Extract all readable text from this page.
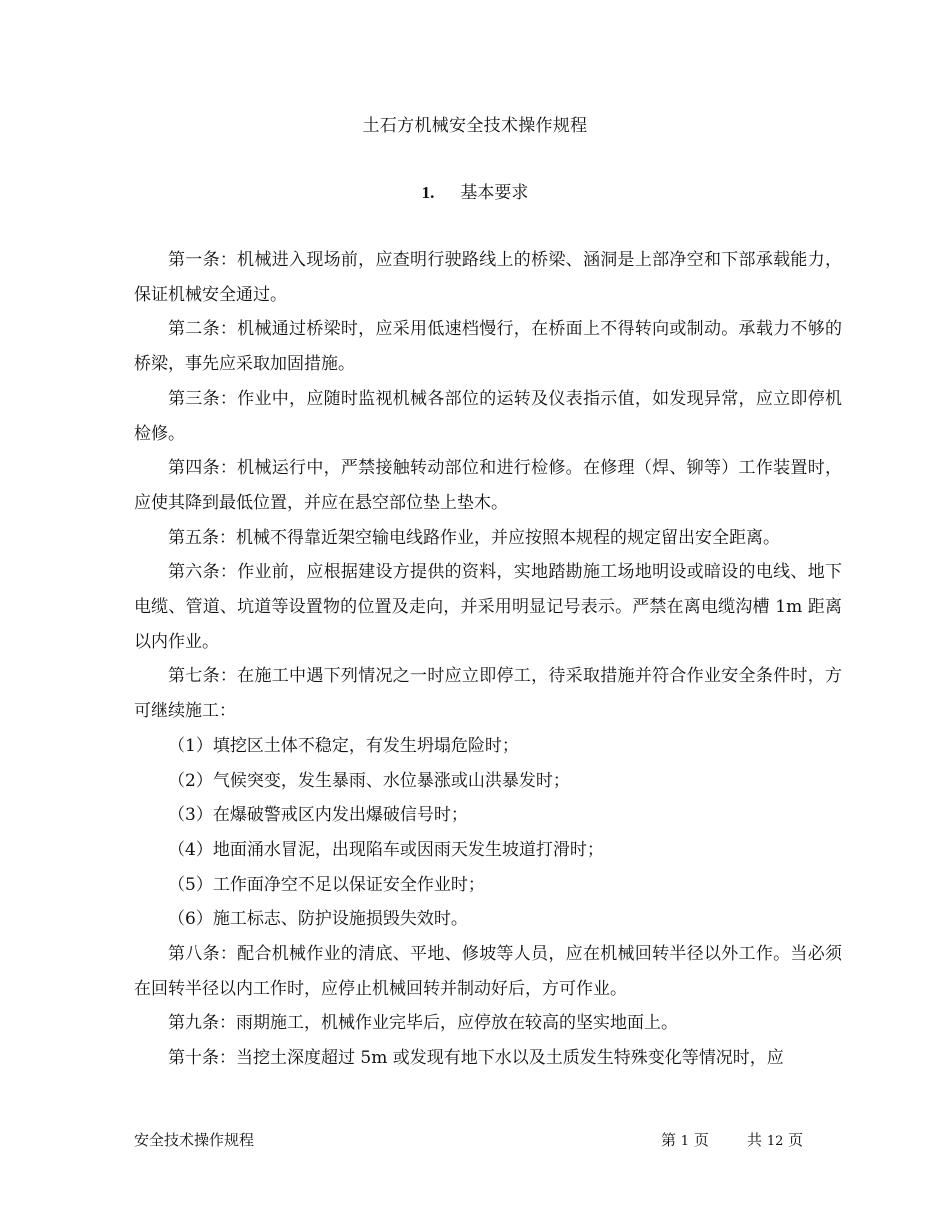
土石方机械安全技术操作规程
1. 基本要求

第一条：机械进入现场前，应查明行驶路线上的桥梁、涵洞是上部净空和下部承载能力，保证机械安全通过。

第二条：机械通过桥梁时，应采用低速档慢行，在桥面上不得转向或制动。承载力不够的桥梁，事先应采取加固措施。

第三条：作业中，应随时监视机械各部位的运转及仪表指示值，如发现异常，应立即停机检修。

第四条：机械运行中，严禁接触转动部位和进行检修。在修理（焊、铆等）工作装置时，应使其降到最低位置，并应在悬空部位垫上垫木。

第五条：机械不得靠近架空输电线路作业，并应按照本规程的规定留出安全距离。

第六条：作业前，应根据建设方提供的资料，实地踏勘施工场地明设或暗设的电线、地下电缆、管道、坑道等设置物的位置及走向，并采用明显记号表示。严禁在离电缆沟槽 1m 距离以内作业。

第七条：在施工中遇下列情况之一时应立即停工，待采取措施并符合作业安全条件时，方可继续施工：

（1）填挖区土体不稳定，有发生坍塌危险时；

（2）气候突变，发生暴雨、水位暴涨或山洪暴发时；

（3）在爆破警戒区内发出爆破信号时；

（4）地面涌水冒泥，出现陷车或因雨天发生坡道打滑时；

（5）工作面净空不足以保证安全作业时；

（6）施工标志、防护设施损毁失效时。

第八条：配合机械作业的清底、平地、修坡等人员，应在机械回转半径以外工作。当必须在回转半径以内工作时，应停止机械回转并制动好后，方可作业。

第九条：雨期施工，机械作业完毕后，应停放在较高的坚实地面上。

第十条：当挖土深度超过 5m 或发现有地下水以及土质发生特殊变化等情况时，应

安全技术操作规程	第 1 页	共 12 页
